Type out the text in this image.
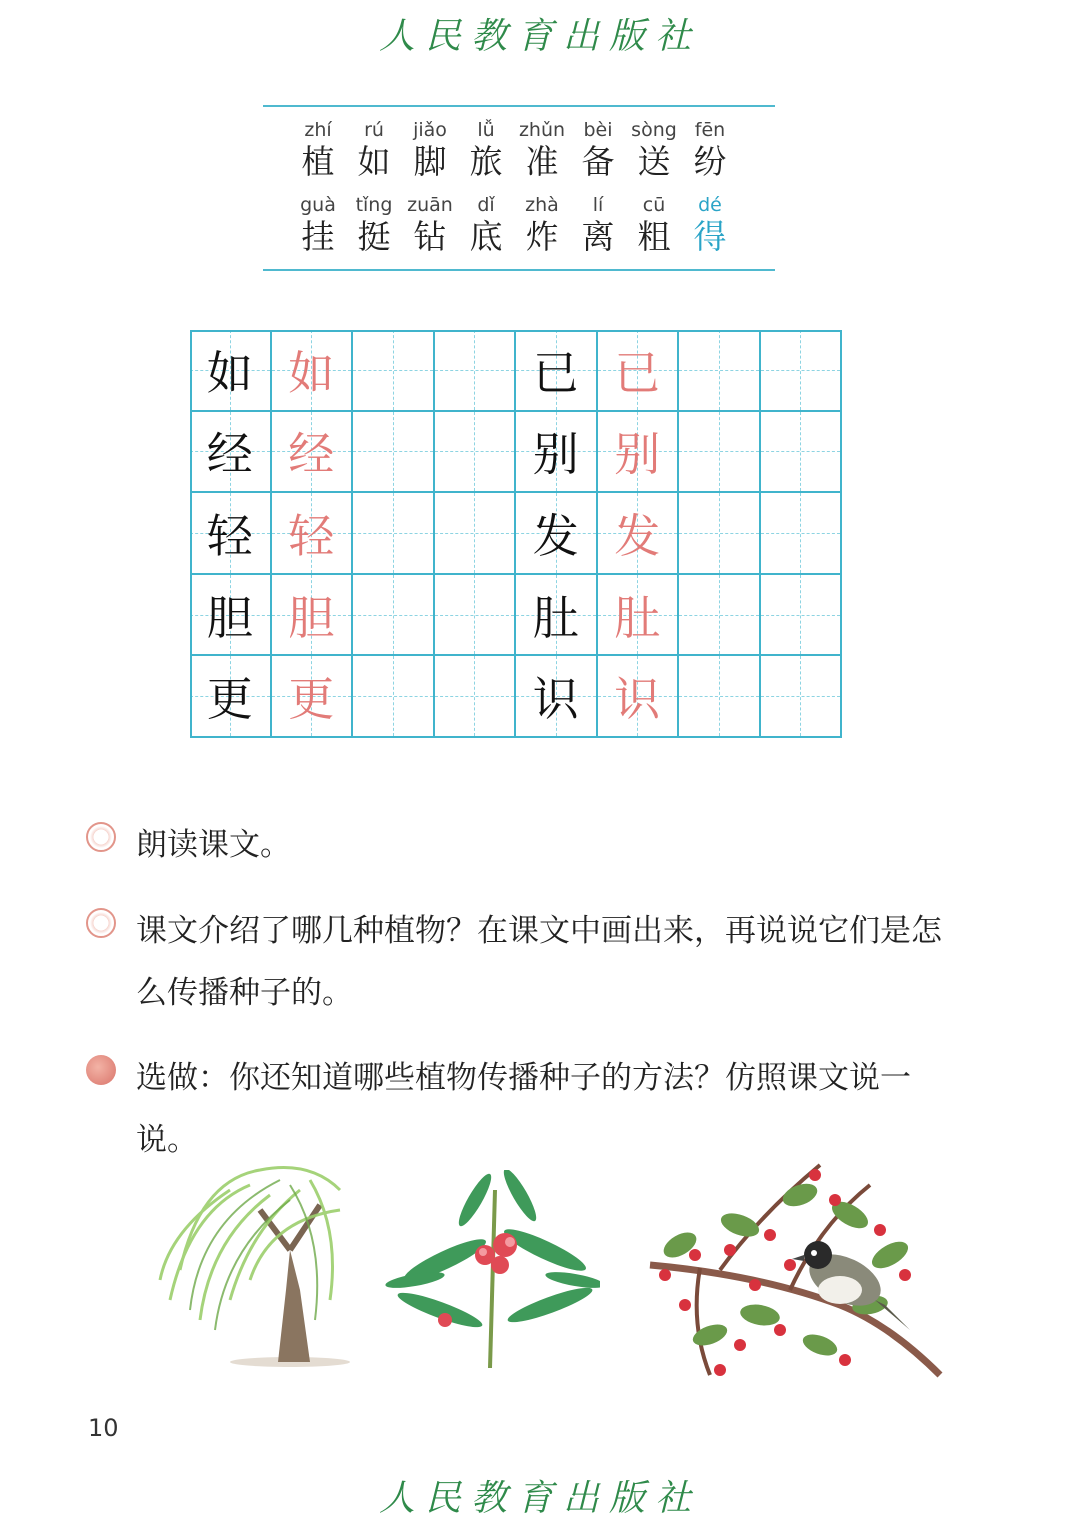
人民教育出版社
zhí
植
rú
如
jiǎo
脚
lǚ
旅
zhǔn
准
bèi
备
sòng
送
fēn
纷
guà
挂
tǐng
挺
zuān
钻
dǐ
底
zhà
炸
lí
离
cū
粗
dé
得
如 如
经 经
轻 轻
胆 胆
更 更
已 已
别 别
发 发
肚 肚
识 识
朗读课文。
课文介绍了哪几种植物？在课文中画出来，再说说它们是怎么传播种子的。
选做：你还知道哪些植物传播种子的方法？仿照课文说一说。
10
人民教育出版社
